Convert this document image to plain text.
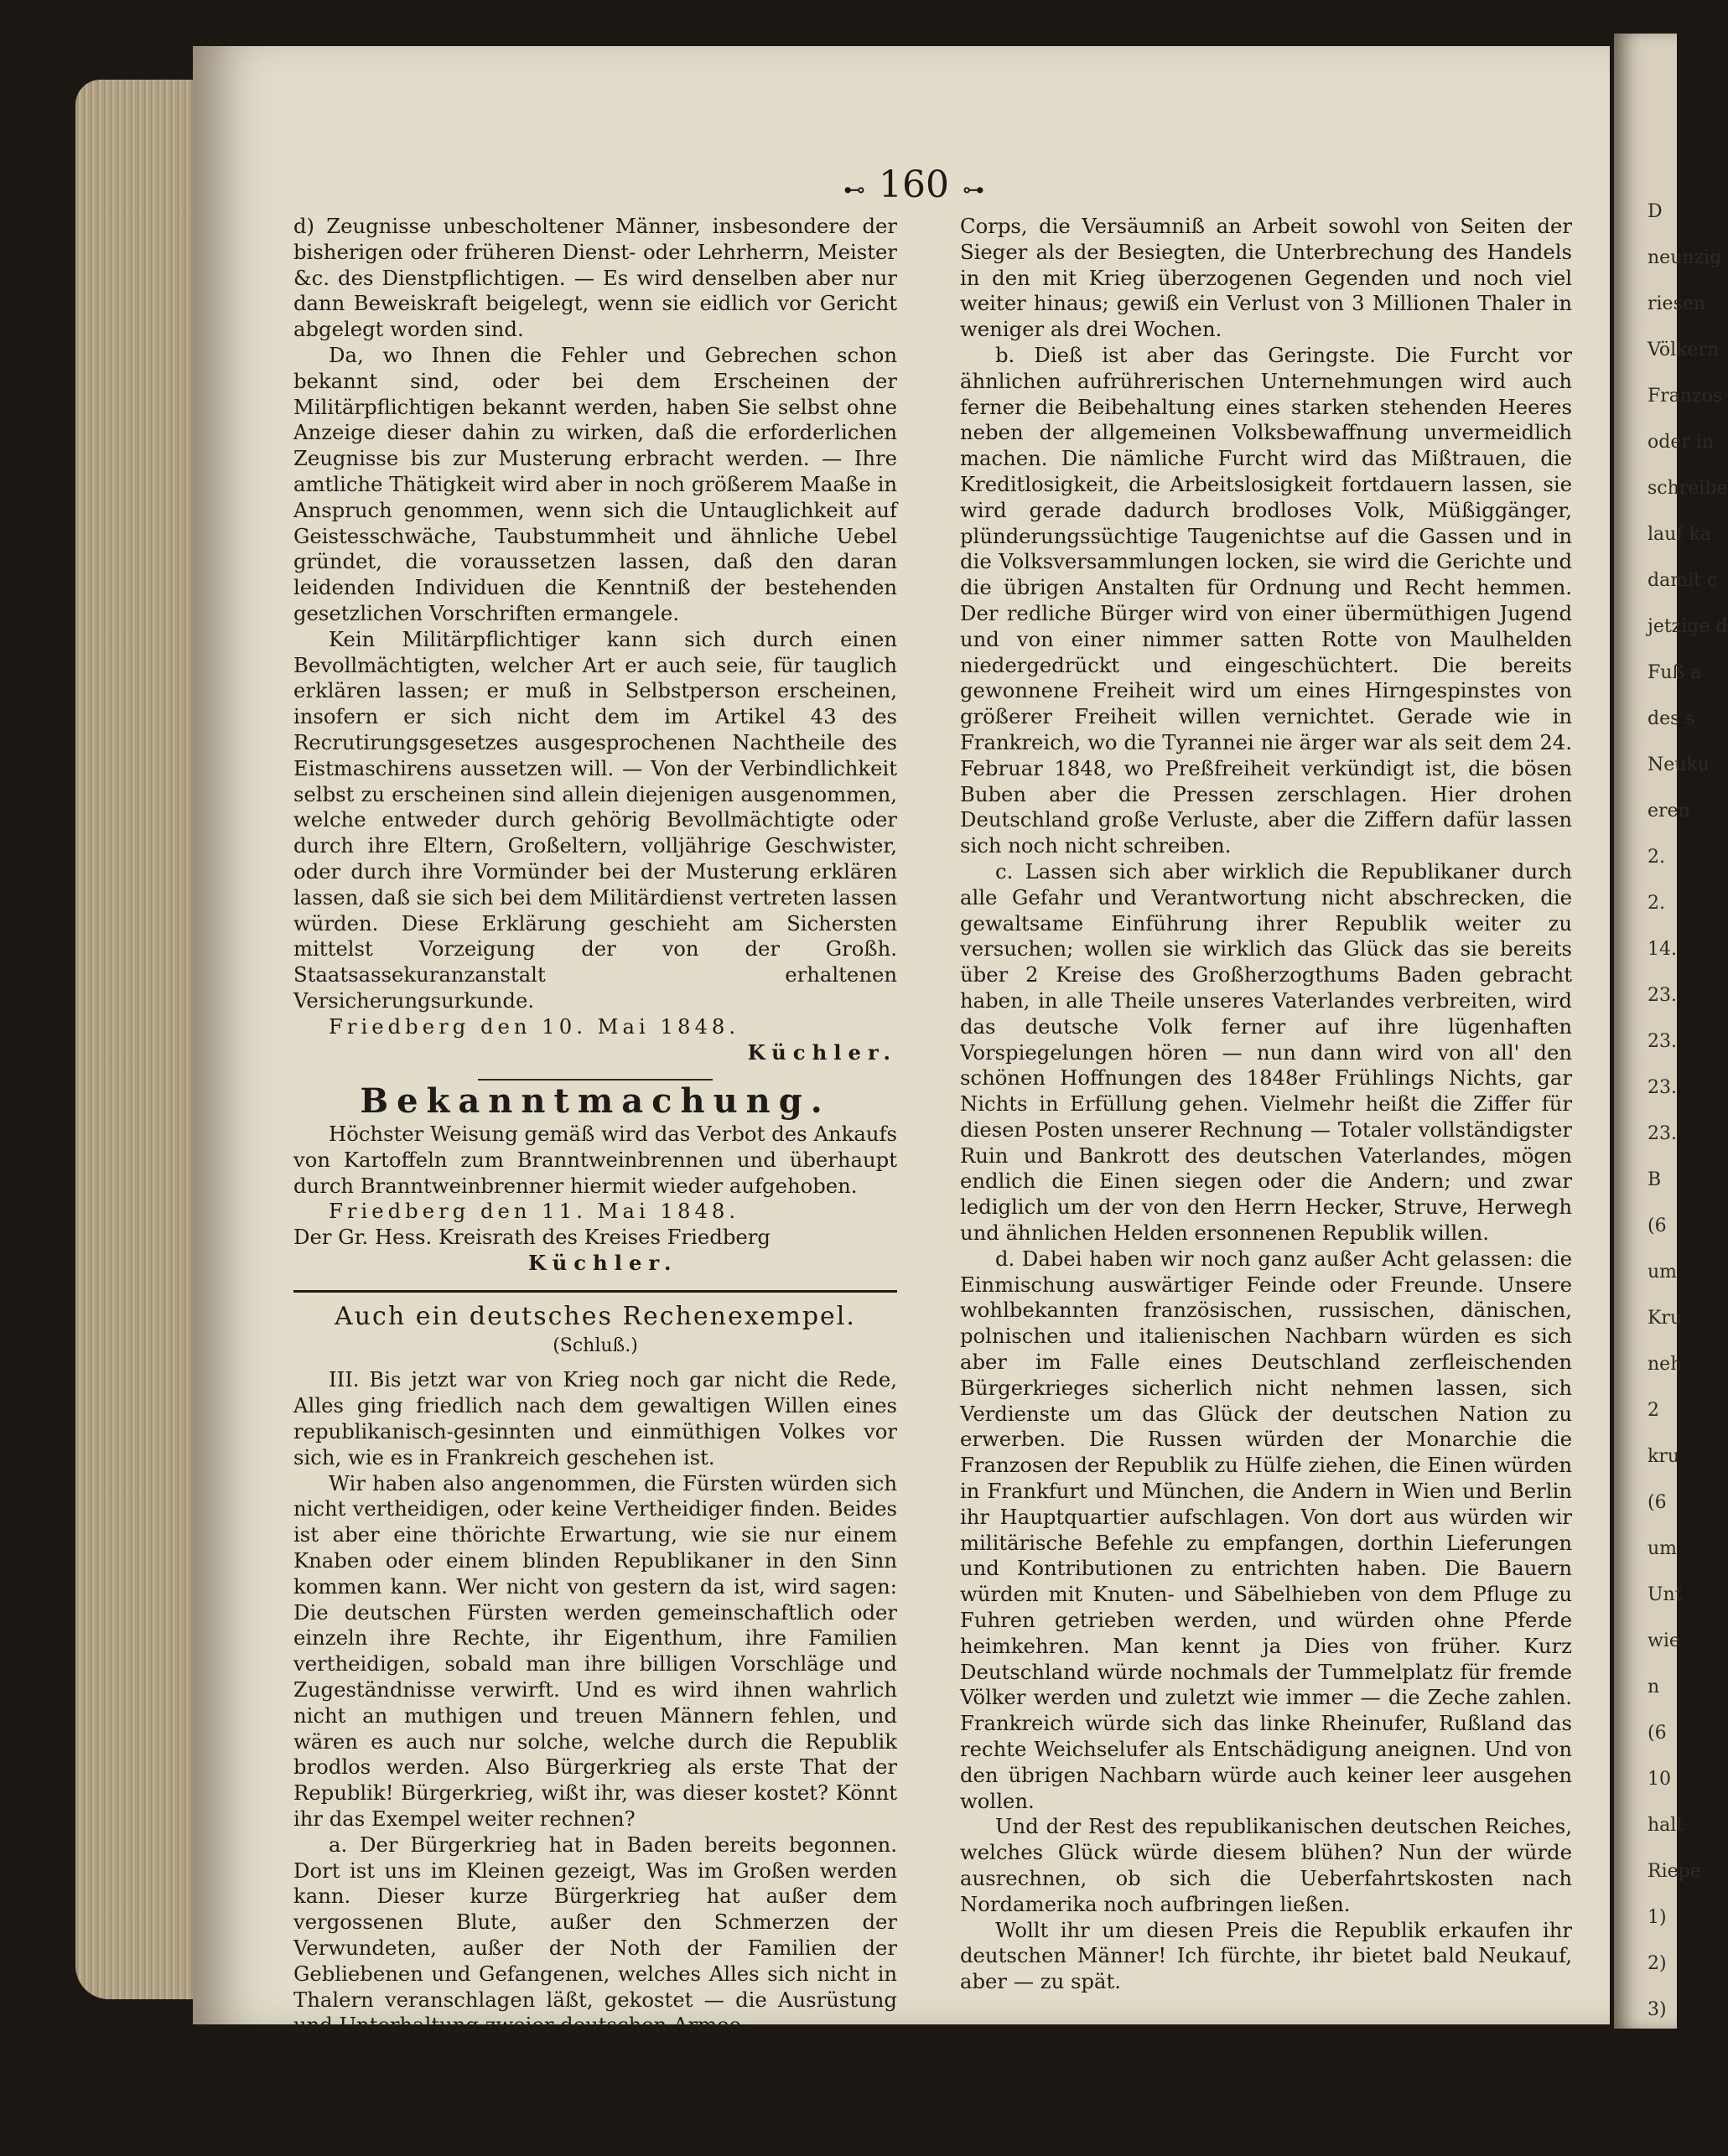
D
neunzig
riesen
Völkern
Franzos
oder in
schreibe
lauf ka
damit c
jetzige d
Fuß a
des s
Neuku
eren
2.
2.
14.
23.
23.
23.
23.
B
(6
um
Kru
neh
2
kru
(6
um
Unt
wie
n
(6
10
halt
Riepe
1)
2)
3)
⊷ 160 ⊶

d) Zeugnisse unbescholtener Männer, insbesondere der bisherigen oder früheren Dienst- oder Lehrherrn, Meister &c. des Dienstpflichtigen. — Es wird denselben aber nur dann Beweiskraft beigelegt, wenn sie eidlich vor Gericht abgelegt worden sind.

Da, wo Ihnen die Fehler und Gebrechen schon bekannt sind, oder bei dem Erscheinen der Militärpflichtigen bekannt werden, haben Sie selbst ohne Anzeige dieser dahin zu wirken, daß die erforderlichen Zeugnisse bis zur Musterung erbracht werden. — Ihre amtliche Thätigkeit wird aber in noch größerem Maaße in Anspruch genommen, wenn sich die Untauglichkeit auf Geistesschwäche, Taubstummheit und ähnliche Uebel gründet, die voraussetzen lassen, daß den daran leidenden Individuen die Kenntniß der bestehenden gesetzlichen Vorschriften ermangele.

Kein Militärpflichtiger kann sich durch einen Bevollmächtigten, welcher Art er auch seie, für tauglich erklären lassen; er muß in Selbstperson erscheinen, insofern er sich nicht dem im Artikel 43 des Recrutirungsgesetzes ausgesprochenen Nachtheile des Eistmaschirens aussetzen will. — Von der Verbindlichkeit selbst zu erscheinen sind allein diejenigen ausgenommen, welche entweder durch gehörig Bevollmächtigte oder durch ihre Eltern, Großeltern, volljährige Geschwister, oder durch ihre Vormünder bei der Musterung erklären lassen, daß sie sich bei dem Militärdienst vertreten lassen würden. Diese Erklärung geschieht am Sichersten mittelst Vorzeigung der von der Großh. Staatsassekuranzanstalt erhaltenen Versicherungsurkunde.

Friedberg den 10. Mai 1848.

Küchler.

Bekanntmachung.

Höchster Weisung gemäß wird das Verbot des Ankaufs von Kartoffeln zum Branntweinbrennen und überhaupt durch Branntweinbrenner hiermit wieder aufgehoben.

Friedberg den 11. Mai 1848.

Der Gr. Hess. Kreisrath des Kreises Friedberg

Küchler.

Auch ein deutsches Rechenexempel.
(Schluß.)

III. Bis jetzt war von Krieg noch gar nicht die Rede, Alles ging friedlich nach dem gewaltigen Willen eines republikanisch-gesinnten und einmüthigen Volkes vor sich, wie es in Frankreich geschehen ist.

Wir haben also angenommen, die Fürsten würden sich nicht vertheidigen, oder keine Vertheidiger finden. Beides ist aber eine thörichte Erwartung, wie sie nur einem Knaben oder einem blinden Republikaner in den Sinn kommen kann. Wer nicht von gestern da ist, wird sagen: Die deutschen Fürsten werden gemeinschaftlich oder einzeln ihre Rechte, ihr Eigenthum, ihre Familien vertheidigen, sobald man ihre billigen Vorschläge und Zugeständnisse verwirft. Und es wird ihnen wahrlich nicht an muthigen und treuen Männern fehlen, und wären es auch nur solche, welche durch die Republik brodlos werden. Also Bürgerkrieg als erste That der Republik! Bürgerkrieg, wißt ihr, was dieser kostet? Könnt ihr das Exempel weiter rechnen?

a. Der Bürgerkrieg hat in Baden bereits begonnen. Dort ist uns im Kleinen gezeigt, Was im Großen werden kann. Dieser kurze Bürgerkrieg hat außer dem vergossenen Blute, außer den Schmerzen der Verwundeten, außer der Noth der Familien der Gebliebenen und Gefangenen, welches Alles sich nicht in Thalern veranschlagen läßt, gekostet — die Ausrüstung und Unterhaltung zweier deutschen Armee-

Corps, die Versäumniß an Arbeit sowohl von Seiten der Sieger als der Besiegten, die Unterbrechung des Handels in den mit Krieg überzogenen Gegenden und noch viel weiter hinaus; gewiß ein Verlust von 3 Millionen Thaler in weniger als drei Wochen.

b. Dieß ist aber das Geringste. Die Furcht vor ähnlichen aufrührerischen Unternehmungen wird auch ferner die Beibehaltung eines starken stehenden Heeres neben der allgemeinen Volksbewaffnung unvermeidlich machen. Die nämliche Furcht wird das Mißtrauen, die Kreditlosigkeit, die Arbeitslosigkeit fortdauern lassen, sie wird gerade dadurch brodloses Volk, Müßiggänger, plünderungssüchtige Taugenichtse auf die Gassen und in die Volksversammlungen locken, sie wird die Gerichte und die übrigen Anstalten für Ordnung und Recht hemmen. Der redliche Bürger wird von einer übermüthigen Jugend und von einer nimmer satten Rotte von Maulhelden niedergedrückt und eingeschüchtert. Die bereits gewonnene Freiheit wird um eines Hirngespinstes von größerer Freiheit willen vernichtet. Gerade wie in Frankreich, wo die Tyrannei nie ärger war als seit dem 24. Februar 1848, wo Preßfreiheit verkündigt ist, die bösen Buben aber die Pressen zerschlagen. Hier drohen Deutschland große Verluste, aber die Ziffern dafür lassen sich noch nicht schreiben.

c. Lassen sich aber wirklich die Republikaner durch alle Gefahr und Verantwortung nicht abschrecken, die gewaltsame Einführung ihrer Republik weiter zu versuchen; wollen sie wirklich das Glück das sie bereits über 2 Kreise des Großherzogthums Baden gebracht haben, in alle Theile unseres Vaterlandes verbreiten, wird das deutsche Volk ferner auf ihre lügenhaften Vorspiegelungen hören — nun dann wird von all' den schönen Hoffnungen des 1848er Frühlings Nichts, gar Nichts in Erfüllung gehen. Vielmehr heißt die Ziffer für diesen Posten unserer Rechnung — Totaler vollständigster Ruin und Bankrott des deutschen Vaterlandes, mögen endlich die Einen siegen oder die Andern; und zwar lediglich um der von den Herrn Hecker, Struve, Herwegh und ähnlichen Helden ersonnenen Republik willen.

d. Dabei haben wir noch ganz außer Acht gelassen: die Einmischung auswärtiger Feinde oder Freunde. Unsere wohlbekannten französischen, russischen, dänischen, polnischen und italienischen Nachbarn würden es sich aber im Falle eines Deutschland zerfleischenden Bürgerkrieges sicherlich nicht nehmen lassen, sich Verdienste um das Glück der deutschen Nation zu erwerben. Die Russen würden der Monarchie die Franzosen der Republik zu Hülfe ziehen, die Einen würden in Frankfurt und München, die Andern in Wien und Berlin ihr Hauptquartier aufschlagen. Von dort aus würden wir militärische Befehle zu empfangen, dorthin Lieferungen und Kontributionen zu entrichten haben. Die Bauern würden mit Knuten- und Säbelhieben von dem Pfluge zu Fuhren getrieben werden, und würden ohne Pferde heimkehren. Man kennt ja Dies von früher. Kurz Deutschland würde nochmals der Tummelplatz für fremde Völker werden und zuletzt wie immer — die Zeche zahlen. Frankreich würde sich das linke Rheinufer, Rußland das rechte Weichselufer als Entschädigung aneignen. Und von den übrigen Nachbarn würde auch keiner leer ausgehen wollen.

Und der Rest des republikanischen deutschen Reiches, welches Glück würde diesem blühen? Nun der würde ausrechnen, ob sich die Ueberfahrtskosten nach Nordamerika noch aufbringen ließen.

Wollt ihr um diesen Preis die Republik erkaufen ihr deutschen Männer! Ich fürchte, ihr bietet bald Neukauf, aber — zu spät.
